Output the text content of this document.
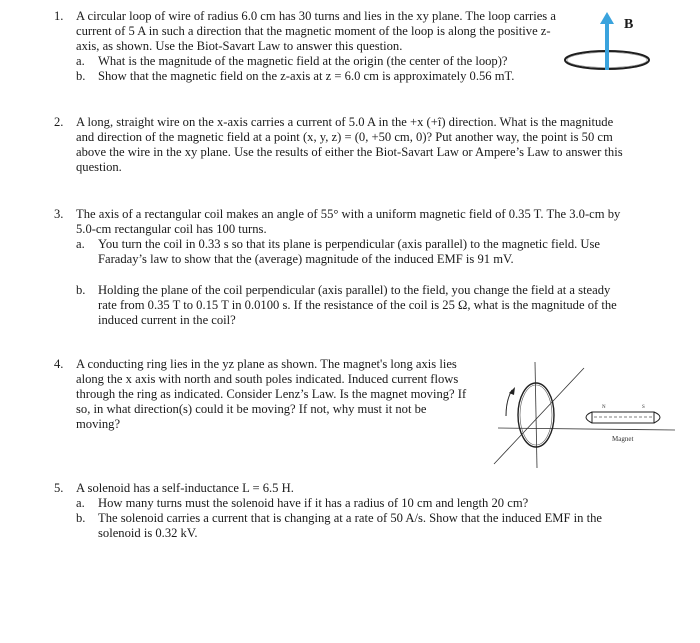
1. A circular loop of wire of radius 6.0 cm has 30 turns and lies in the xy plane. The loop carries a current of 5 A in such a direction that the magnetic moment of the loop is along the positive z-axis, as shown. Use the Biot-Savart Law to answer this question.

a. What is the magnitude of the magnetic field at the origin (the center of the loop)?
b. Show that the magnetic field on the z-axis at z = 6.0 cm is approximately 0.56 mT.
B⃗
2. A long, straight wire on the x-axis carries a current of 5.0 A in the +x (+î) direction. What is the magnitude and direction of the magnetic field at a point (x, y, z) = (0, +50 cm, 0)? Put another way, the point is 50 cm above the wire in the xy plane. Use the results of either the Biot-Savart Law or Ampere’s Law to answer this question.

3. The axis of a rectangular coil makes an angle of 55° with a uniform magnetic field of 0.35 T. The 3.0-cm by 5.0-cm rectangular coil has 100 turns.

a. You turn the coil in 0.33 s so that its plane is perpendicular (axis parallel) to the magnetic field. Use Faraday’s law to show that the (average) magnitude of the induced EMF is 91 mV.
b. Holding the plane of the coil perpendicular (axis parallel) to the field, you change the field at a steady rate from 0.35 T to 0.15 T in 0.0100 s. If the resistance of the coil is 25 Ω, what is the magnitude of the induced current in the coil?
4. A conducting ring lies in the yz plane as shown. The magnet's long axis lies along the x axis with north and south poles indicated. Induced current flows through the ring as indicated. Consider Lenz’s Law. Is the magnet moving? If so, in what direction(s) could it be moving? If not, why must it not be moving?

N	S
Magnet
5. A solenoid has a self-inductance L = 6.5 H.

a. How many turns must the solenoid have if it has a radius of 10 cm and length 20 cm?
b. The solenoid carries a current that is changing at a rate of 50 A/s. Show that the induced EMF in the solenoid is 0.32 kV.
